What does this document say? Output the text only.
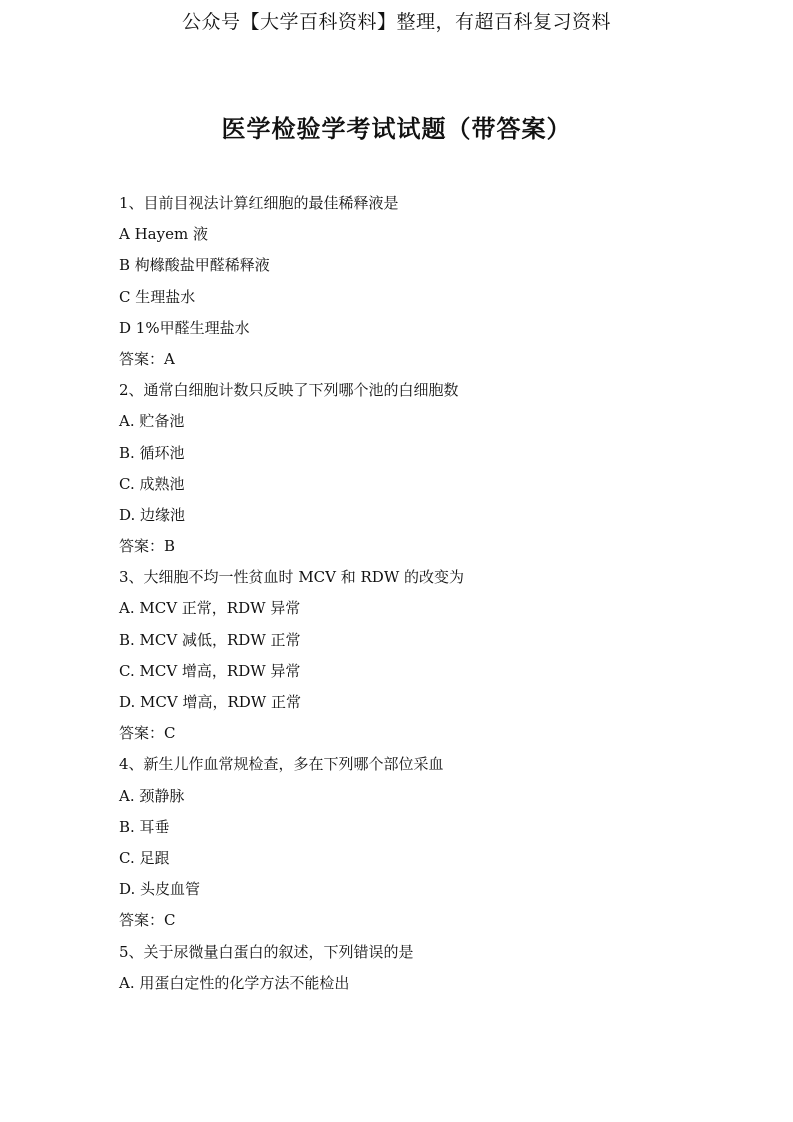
公众号【大学百科资料】整理，有超百科复习资料
医学检验学考试试题（带答案）
1、目前目视法计算红细胞的最佳稀释液是
A Hayem 液
B 枸橼酸盐甲醛稀释液
C 生理盐水
D 1%甲醛生理盐水
答案：A
2、通常白细胞计数只反映了下列哪个池的白细胞数
A. 贮备池
B. 循环池
C. 成熟池
D. 边缘池
答案：B
3、大细胞不均一性贫血时 MCV 和 RDW 的改变为
A. MCV 正常，RDW 异常
B. MCV 减低，RDW 正常
C. MCV 增高，RDW 异常
D. MCV 增高，RDW 正常
答案：C
4、新生儿作血常规检查，多在下列哪个部位采血
A. 颈静脉
B. 耳垂
C. 足跟
D. 头皮血管
答案：C
5、关于尿微量白蛋白的叙述，下列错误的是
A. 用蛋白定性的化学方法不能检出
